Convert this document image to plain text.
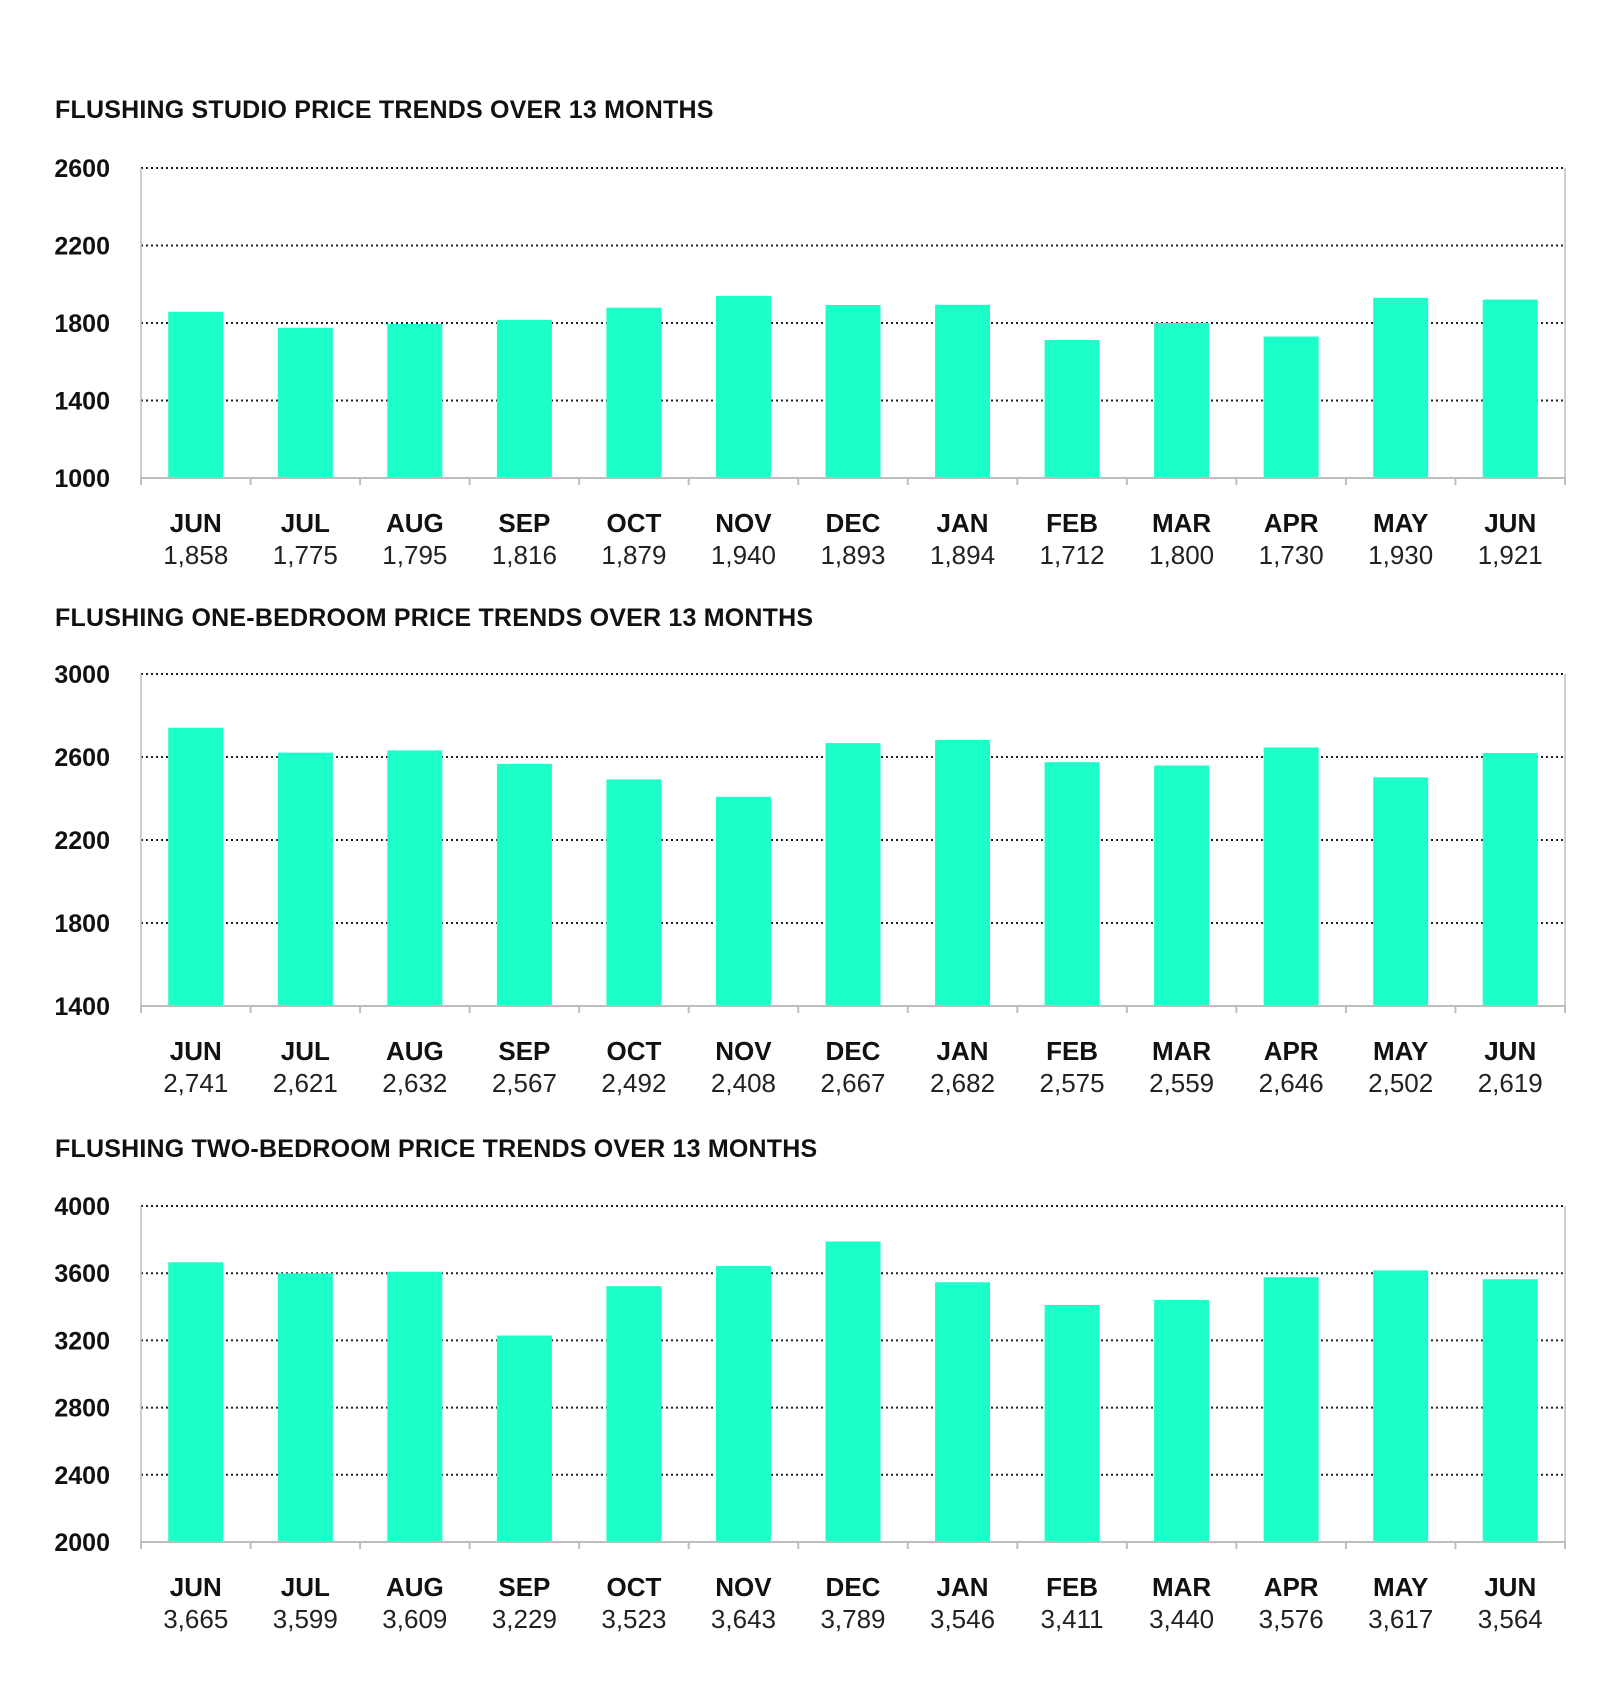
FLUSHING STUDIO PRICE TRENDS OVER 13 MONTHS
1000
1400
1800
2200
2600
JUN
1,858
JUL
1,775
AUG
1,795
SEP
1,816
OCT
1,879
NOV
1,940
DEC
1,893
JAN
1,894
FEB
1,712
MAR
1,800
APR
1,730
MAY
1,930
JUN
1,921
FLUSHING ONE-BEDROOM PRICE TRENDS OVER 13 MONTHS
1400
1800
2200
2600
3000
JUN
2,741
JUL
2,621
AUG
2,632
SEP
2,567
OCT
2,492
NOV
2,408
DEC
2,667
JAN
2,682
FEB
2,575
MAR
2,559
APR
2,646
MAY
2,502
JUN
2,619
FLUSHING TWO-BEDROOM PRICE TRENDS OVER 13 MONTHS
2000
2400
2800
3200
3600
4000
JUN
3,665
JUL
3,599
AUG
3,609
SEP
3,229
OCT
3,523
NOV
3,643
DEC
3,789
JAN
3,546
FEB
3,411
MAR
3,440
APR
3,576
MAY
3,617
JUN
3,564
